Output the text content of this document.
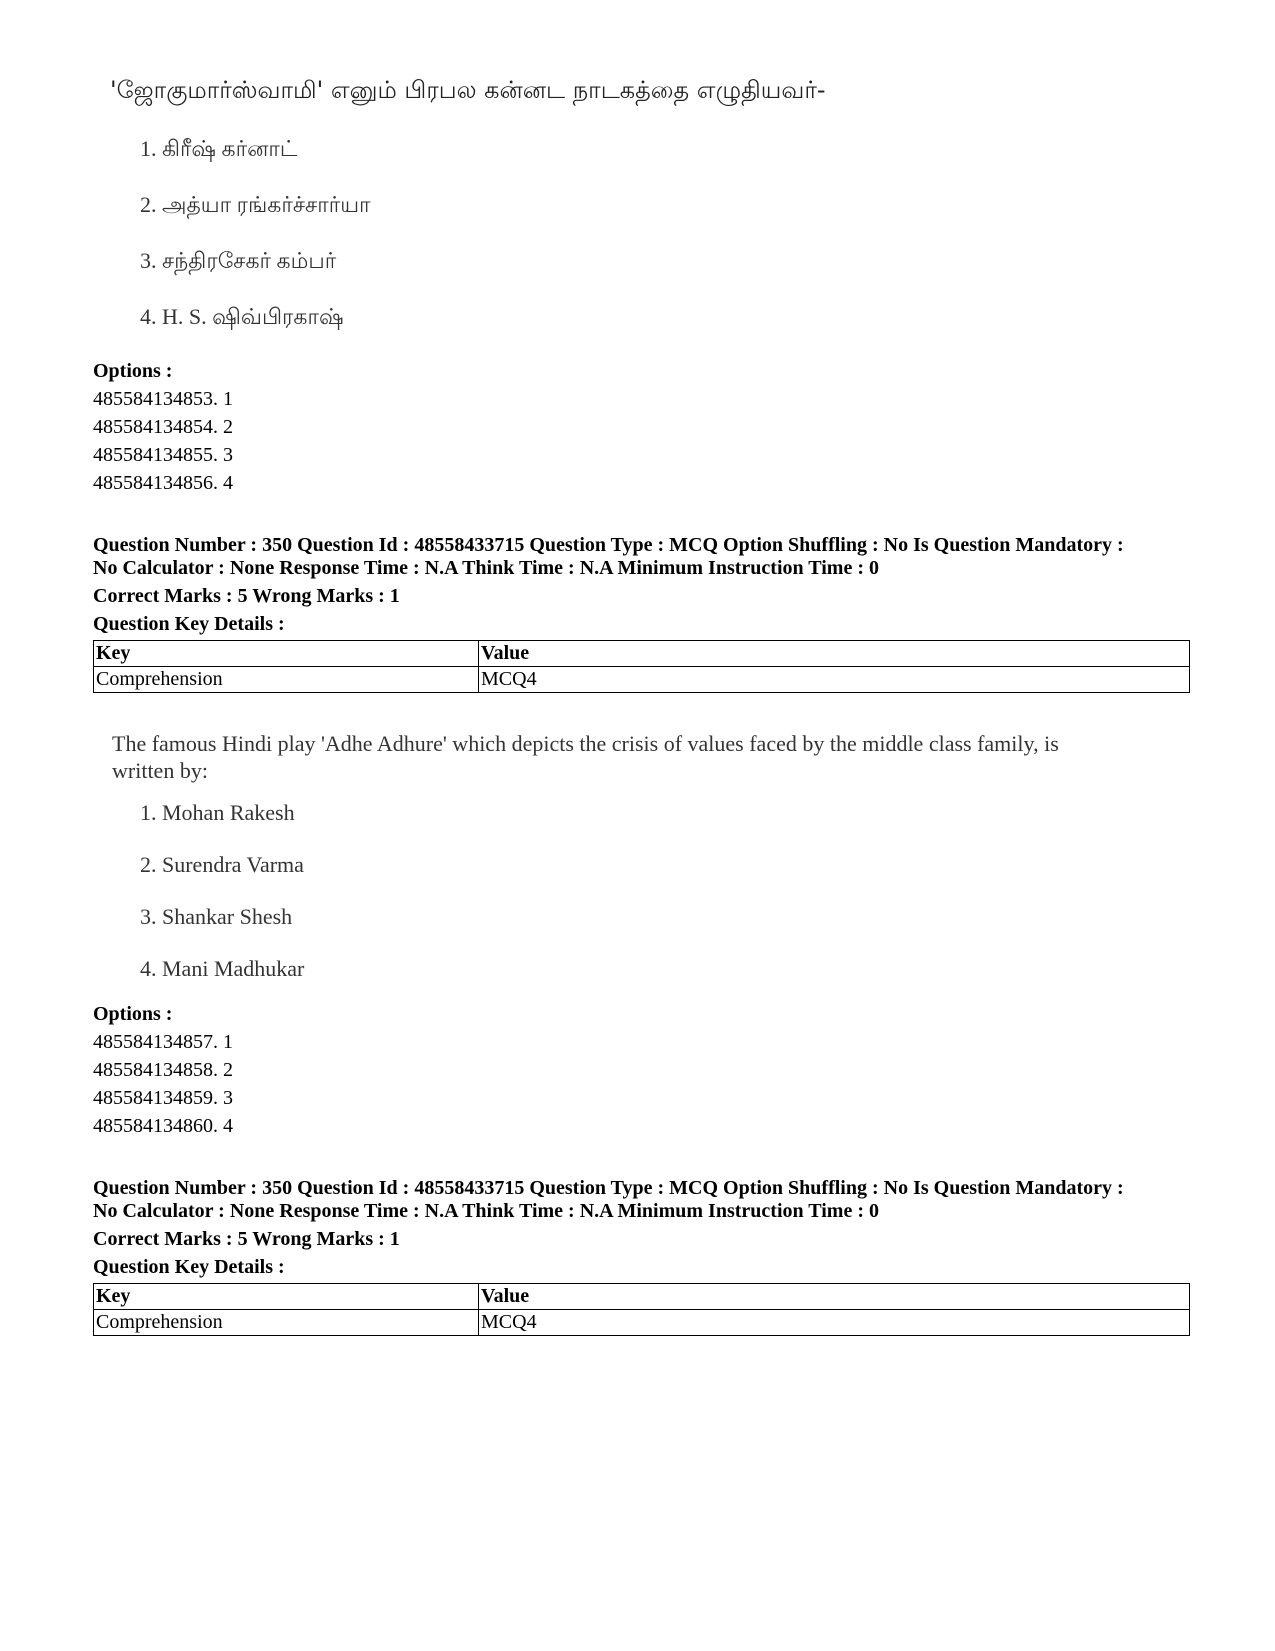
'ஜோகுமார்ஸ்வாமி' எனும் பிரபல கன்னட நாடகத்தை எழுதியவர்-
1. கிரீஷ் கர்னாட்
2. அத்யா ரங்கர்ச்சார்யா
3. சந்திரசேகர் கம்பர்
4. H. S. ஷிவ்பிரகாஷ்
Options :
485584134853. 1
485584134854. 2
485584134855. 3
485584134856. 4
Question Number : 350 Question Id : 48558433715 Question Type : MCQ Option Shuffling : No Is Question Mandatory :
No Calculator : None Response Time : N.A Think Time : N.A Minimum Instruction Time : 0
Correct Marks : 5 Wrong Marks : 1
Question Key Details :
Key	Value
Comprehension	MCQ4
The famous Hindi play 'Adhe Adhure' which depicts the crisis of values faced by the middle class family, is written by:
1. Mohan Rakesh
2. Surendra Varma
3. Shankar Shesh
4. Mani Madhukar
Options :
485584134857. 1
485584134858. 2
485584134859. 3
485584134860. 4
Question Number : 350 Question Id : 48558433715 Question Type : MCQ Option Shuffling : No Is Question Mandatory :
No Calculator : None Response Time : N.A Think Time : N.A Minimum Instruction Time : 0
Correct Marks : 5 Wrong Marks : 1
Question Key Details :
Key	Value
Comprehension	MCQ4
